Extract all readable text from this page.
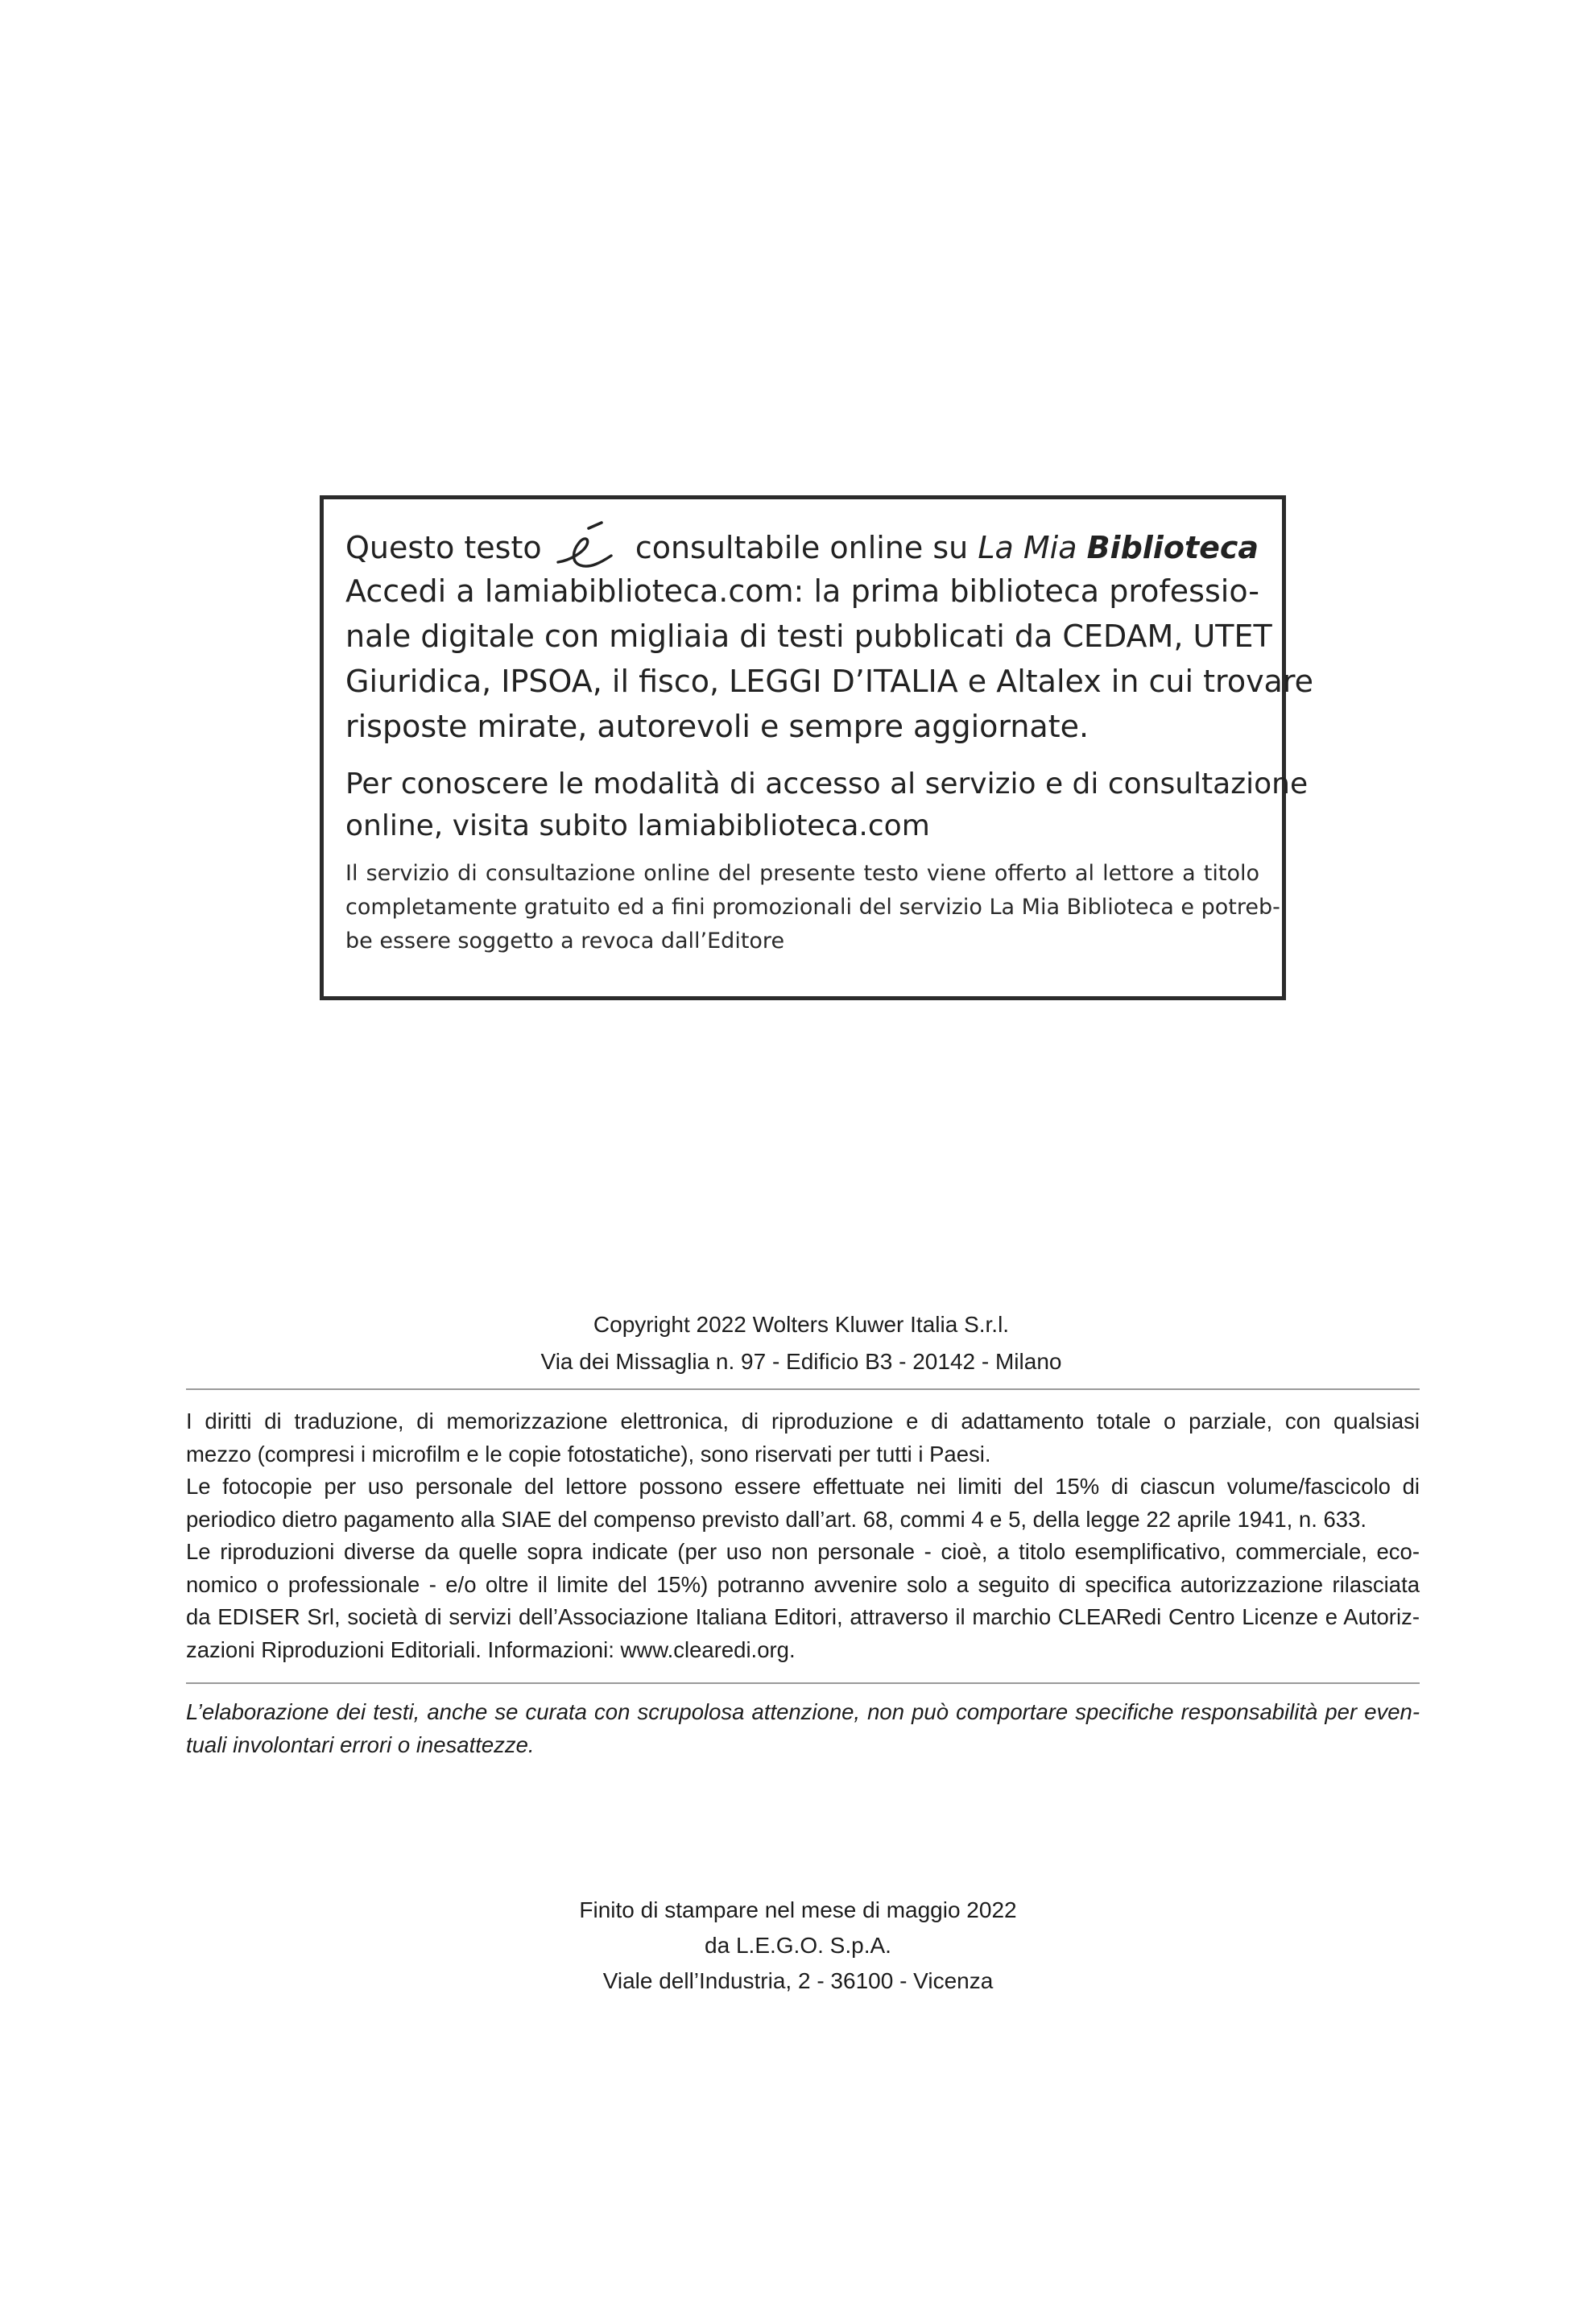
Questo testo	consultabile online su La Mia Biblioteca
Accedi a lamiabiblioteca.com: la prima biblioteca professio-
nale digitale con migliaia di testi pubblicati da CEDAM, UTET
Giuridica, IPSOA, il fisco, LEGGI D’ITALIA e Altalex in cui trovare
risposte mirate, autorevoli e sempre aggiornate.
Per conoscere le modalità di accesso al servizio e di consultazione
online, visita subito lamiabiblioteca.com
Il servizio di consultazione online del presente testo viene offerto al lettore a titolo
completamente gratuito ed a fini promozionali del servizio La Mia Biblioteca e potreb-
be essere soggetto a revoca dall’Editore
Copyright 2022 Wolters Kluwer Italia S.r.l.
Via dei Missaglia n. 97 - Edificio B3 - 20142 - Milano
I diritti di traduzione, di memorizzazione elettronica, di riproduzione e di adattamento totale o parziale, con qualsiasi
mezzo (compresi i microfilm e le copie fotostatiche), sono riservati per tutti i Paesi.
Le fotocopie per uso personale del lettore possono essere effettuate nei limiti del 15% di ciascun volume/fascicolo di
periodico dietro pagamento alla SIAE del compenso previsto dall’art. 68, commi 4 e 5, della legge 22 aprile 1941, n. 633.
Le riproduzioni diverse da quelle sopra indicate (per uso non personale - cioè, a titolo esemplificativo, commerciale, eco-
nomico o professionale - e/o oltre il limite del 15%) potranno avvenire solo a seguito di specifica autorizzazione rilasciata
da EDISER Srl, società di servizi dell’Associazione Italiana Editori, attraverso il marchio CLEARedi Centro Licenze e Autoriz-
zazioni Riproduzioni Editoriali. Informazioni: www.clearedi.org.
L’elaborazione dei testi, anche se curata con scrupolosa attenzione, non può comportare specifiche responsabilità per even-
tuali involontari errori o inesattezze.
Finito di stampare nel mese di maggio 2022
da L.E.G.O. S.p.A.
Viale dell’Industria, 2 - 36100 - Vicenza
